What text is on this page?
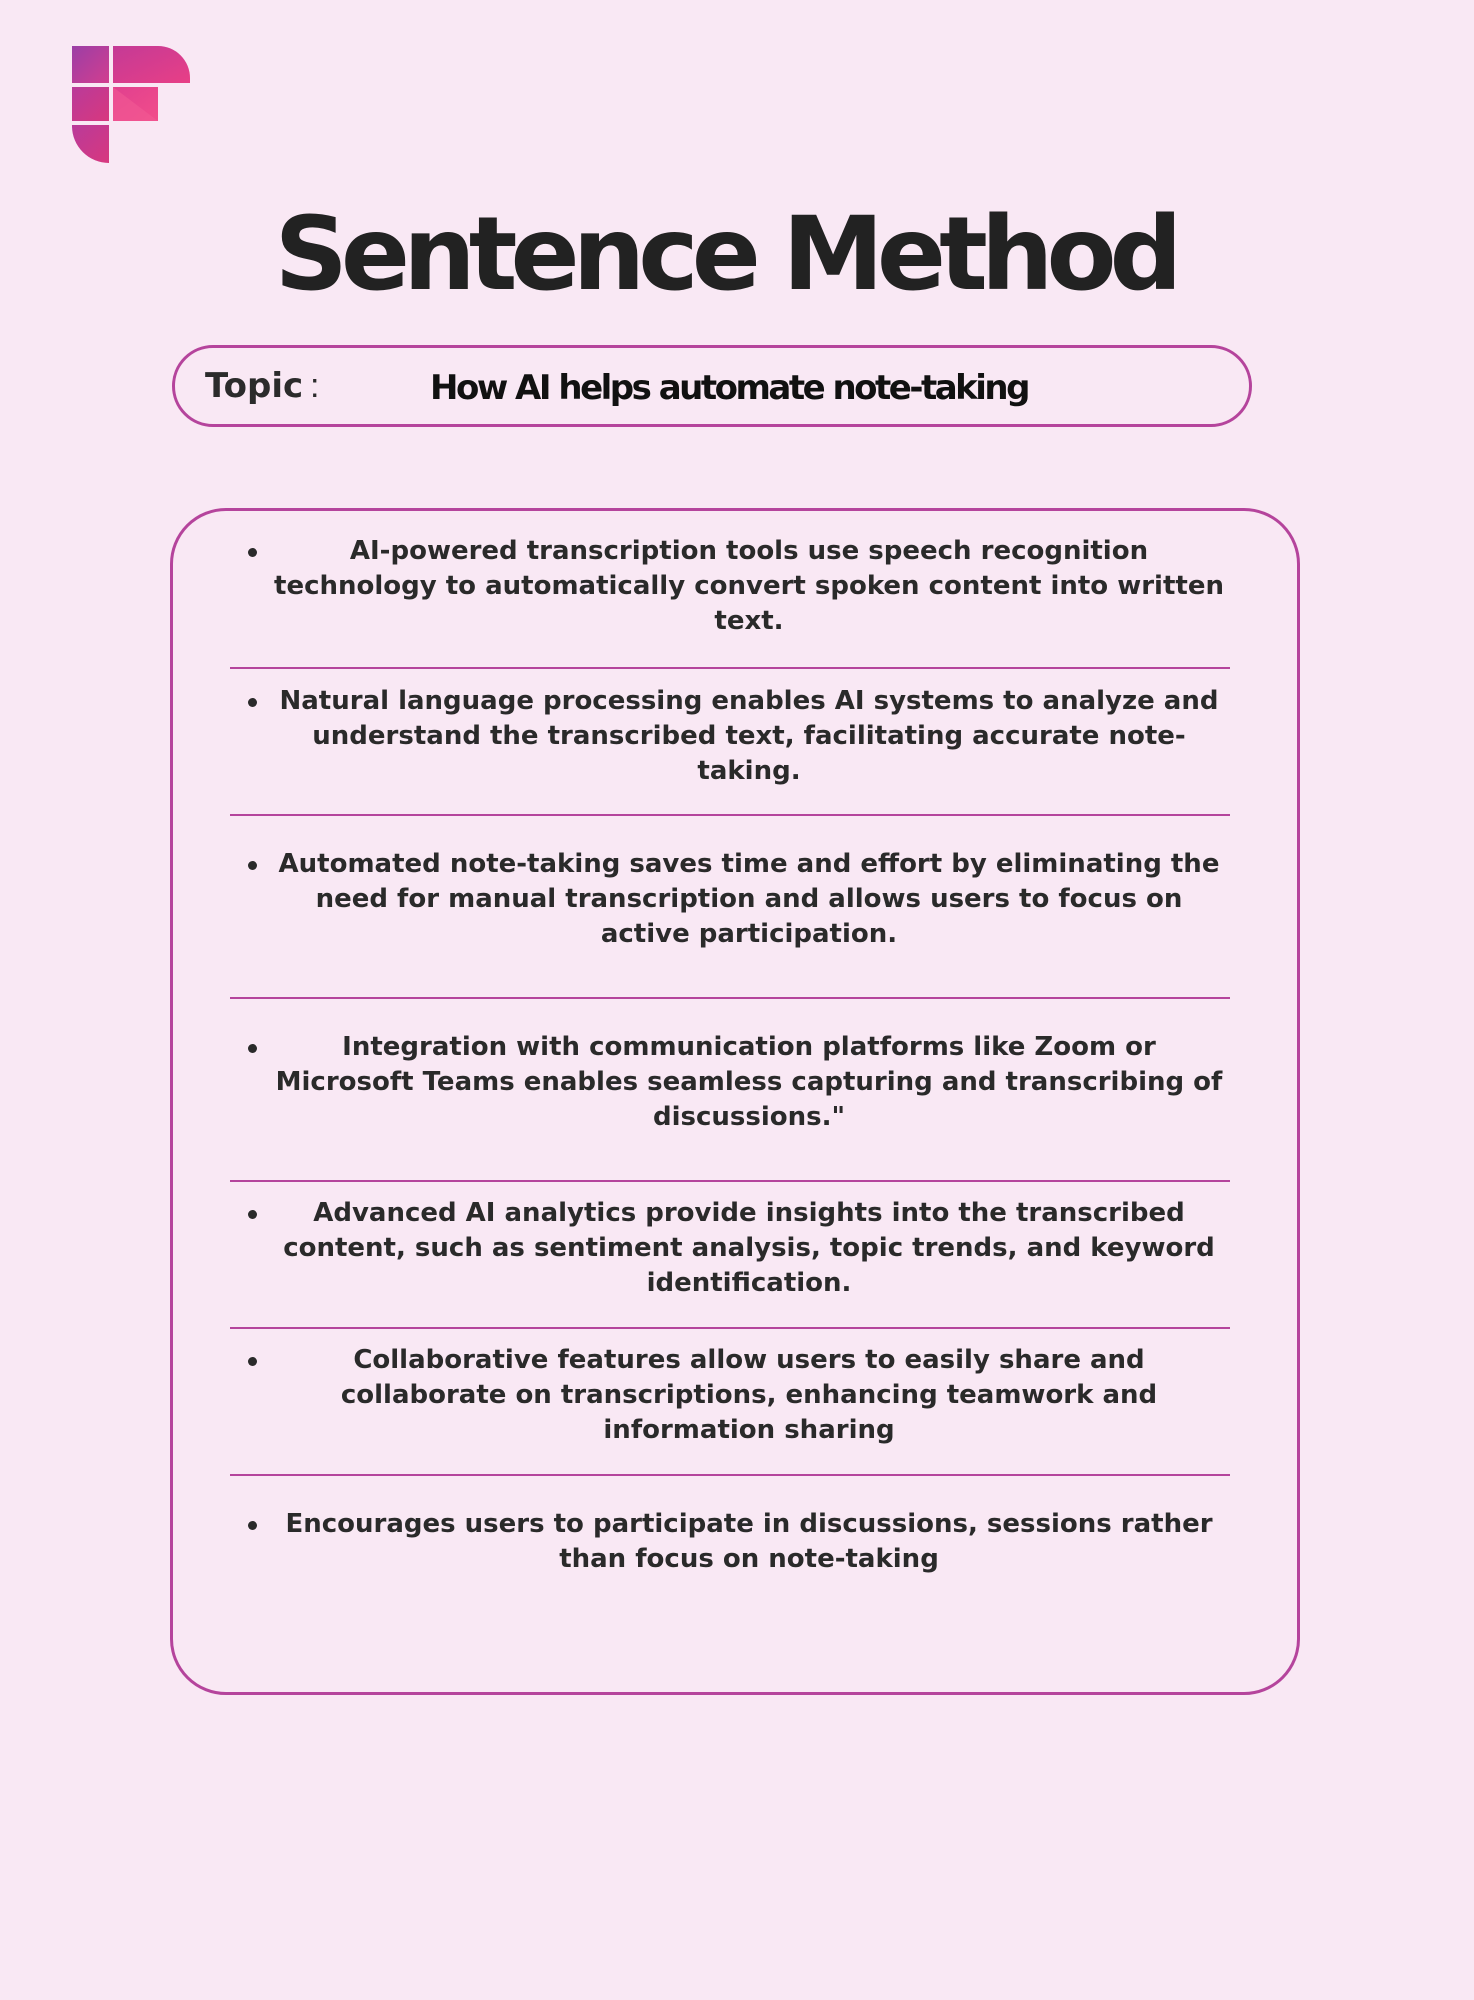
Sentence Method
Topic :	How AI helps automate note-taking
AI-powered transcription tools use speech recognition technology to automatically convert spoken content into written text.
Natural language processing enables AI systems to analyze and understand the transcribed text, facilitating accurate note-taking.
Automated note-taking saves time and effort by eliminating the need for manual transcription and allows users to focus on active participation.
Integration with communication platforms like Zoom or Microsoft Teams enables seamless capturing and transcribing of discussions."
Advanced AI analytics provide insights into the transcribed content, such as sentiment analysis, topic trends, and keyword identification.
Collaborative features allow users to easily share and collaborate on transcriptions, enhancing teamwork and information sharing
Encourages users to participate in discussions, sessions rather than focus on note-taking
